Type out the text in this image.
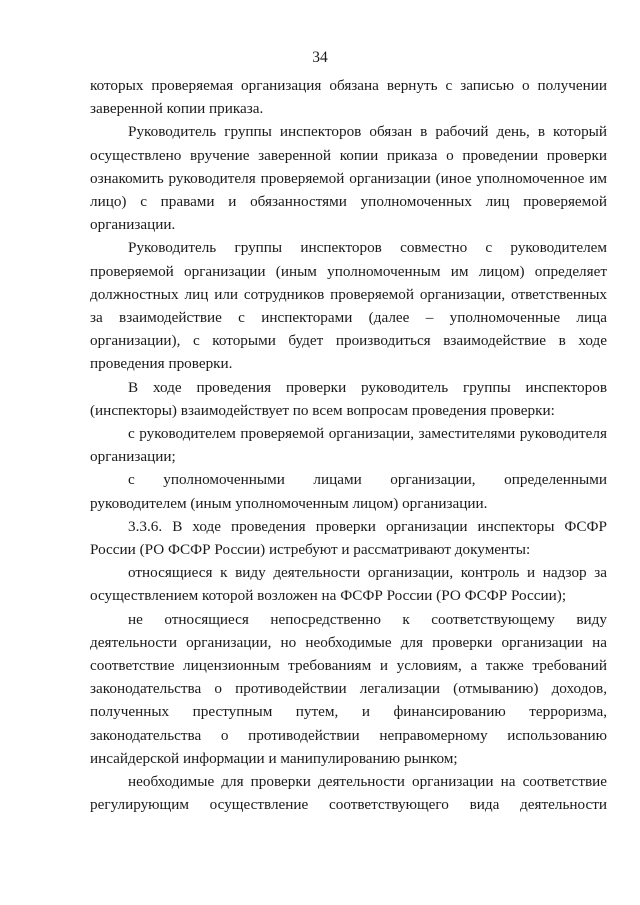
34

которых проверяемая организация обязана вернуть с записью о получении заверенной копии приказа.

Руководитель группы инспекторов обязан в рабочий день, в который осуществлено вручение заверенной копии приказа о проведении проверки ознакомить руководителя проверяемой организации (иное уполномоченное им лицо) с правами и обязанностями уполномоченных лиц проверяемой организации.

Руководитель группы инспекторов совместно с руководителем проверяемой организации (иным уполномоченным им лицом) определяет должностных лиц или сотрудников проверяемой организации, ответственных за взаимодействие с инспекторами (далее – уполномоченные лица организации), с которыми будет производиться взаимодействие в ходе проведения проверки.

В ходе проведения проверки руководитель группы инспекторов (инспекторы) взаимодействует по всем вопросам проведения проверки:

с руководителем проверяемой организации, заместителями руководителя организации;

с уполномоченными лицами организации, определенными руководителем (иным уполномоченным лицом) организации.

3.3.6. В ходе проведения проверки организации инспекторы ФСФР России (РО ФСФР России) истребуют и рассматривают документы:

относящиеся к виду деятельности организации, контроль и надзор за осуществлением которой возложен на ФСФР России (РО ФСФР России);

не относящиеся непосредственно к соответствующему виду деятельности организации, но необходимые для проверки организации на соответствие лицензионным требованиям и условиям, а также требований законодательства о противодействии легализации (отмыванию) доходов, полученных преступным путем, и финансированию терроризма, законодательства о противодействии неправомерному использованию инсайдерской информации и манипулированию рынком;

необходимые для проверки деятельности организации на соответствие регулирующим осуществление соответствующего вида деятельности
